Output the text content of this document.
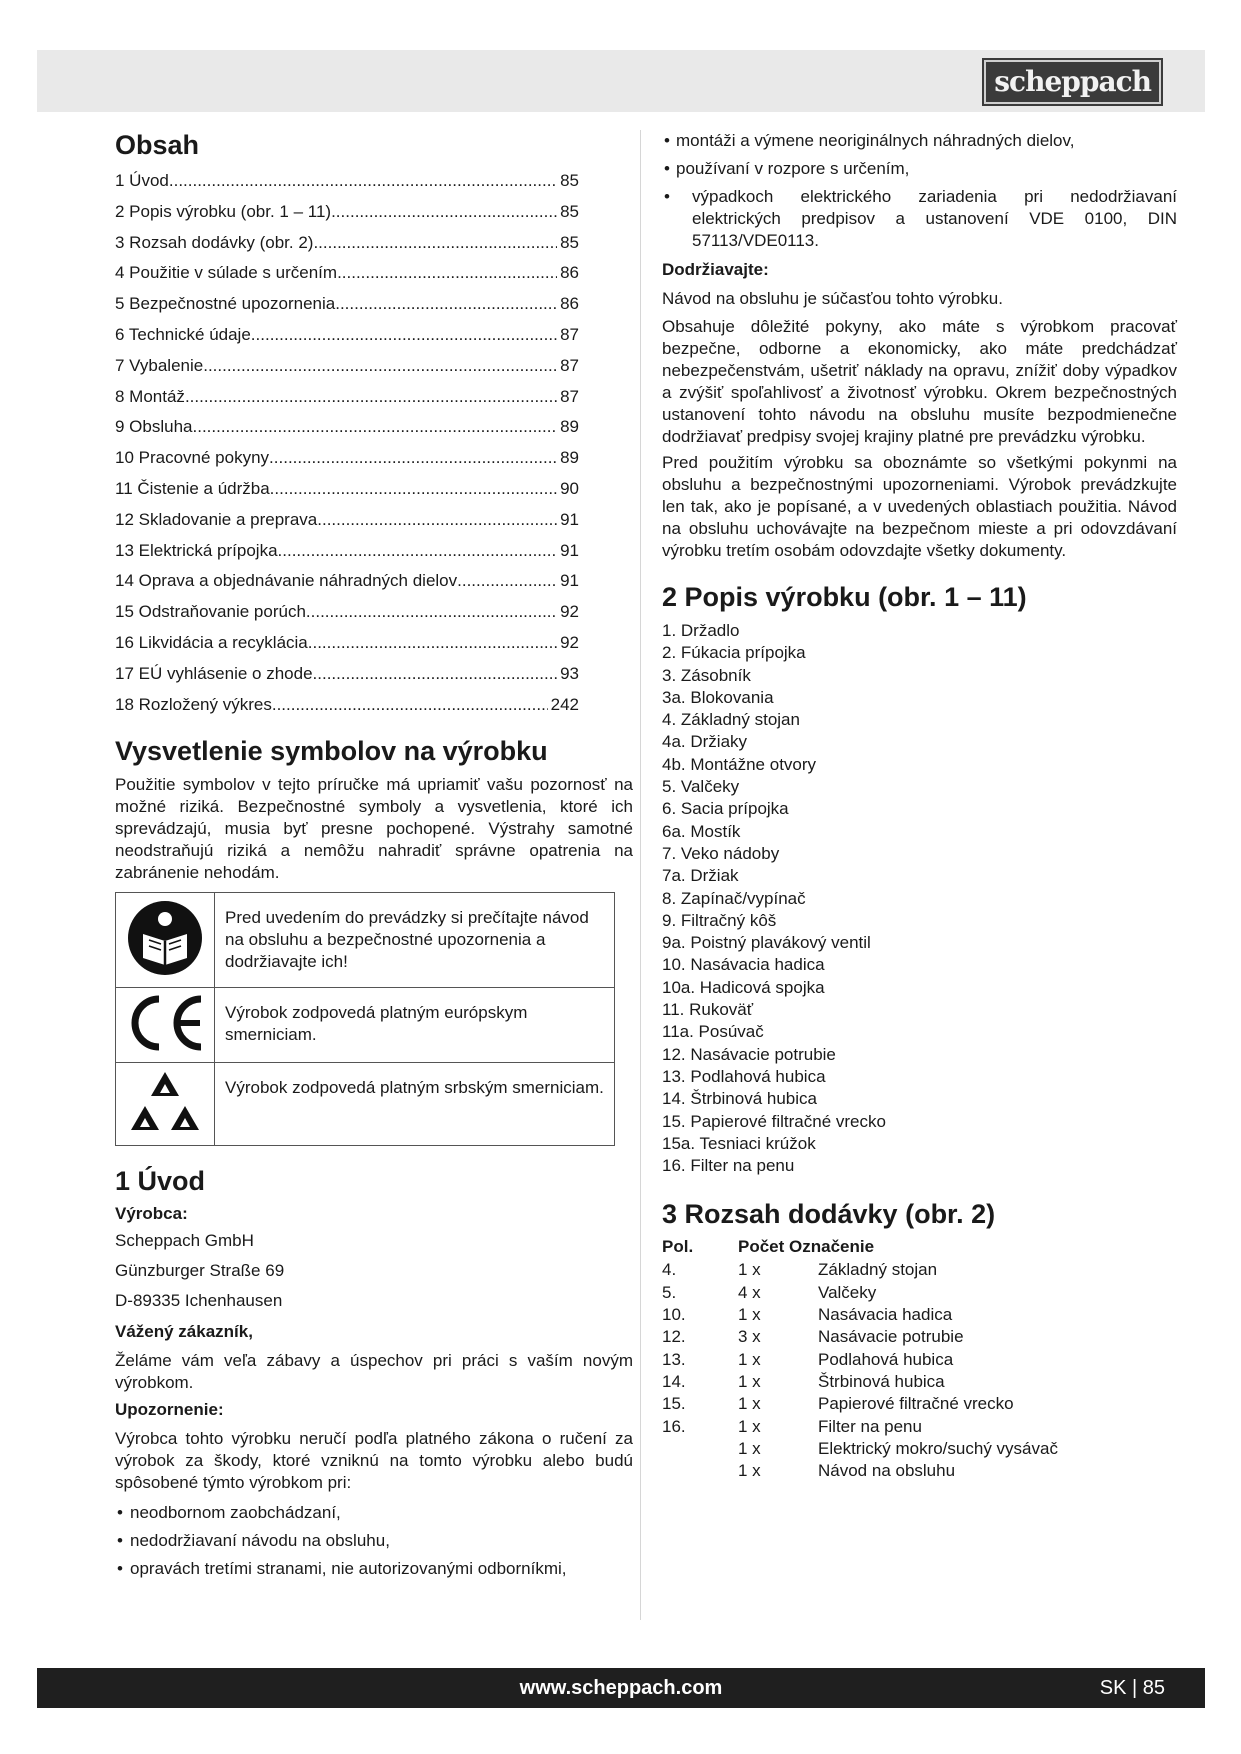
scheppach
Obsah
1 Úvod .....	85
2 Popis výrobku (obr. 1 – 11) .....	85
3 Rozsah dodávky (obr. 2) .....	85
4 Použitie v súlade s určením .....	86
5 Bezpečnostné upozornenia .....	86
6 Technické údaje .....	87
7 Vybalenie .....	87
8 Montáž .....	87
9 Obsluha .....	89
10 Pracovné pokyny .....	89
11 Čistenie a údržba .....	90
12 Skladovanie a preprava .....	91
13 Elektrická prípojka .....	91
14 Oprava a objednávanie náhradných dielov .....	91
15 Odstraňovanie porúch .....	92
16 Likvidácia a recyklácia .....	92
17 EÚ vyhlásenie o zhode .....	93
18 Rozložený výkres .....	242
Vysvetlenie symbolov na výrobku

Použitie symbolov v tejto príručke má upriamiť vašu pozornosť na možné riziká. Bezpečnostné symboly a vysvetlenia, ktoré ich sprevádzajú, musia byť presne pochopené. Výstrahy samotné neodstraňujú riziká a nemôžu nahradiť správne opatrenia na zabránenie nehodám.

	Pred uvedením do prevádzky si prečítajte návod na obsluhu a bezpečnostné upozornenia a dodržiavajte ich!
	Výrobok zodpovedá platným európskym smerniciam.
	Výrobok zodpovedá platným srbským smerniciam.
1 Úvod

Výrobca:

Scheppach GmbH

Günzburger Straße 69

D-89335 Ichenhausen

Vážený zákazník,

Želáme vám veľa zábavy a úspechov pri práci s vaším novým výrobkom.

Upozornenie:

Výrobca tohto výrobku neručí podľa platného zákona o ručení za výrobok za škody, ktoré vzniknú na tomto výrobku alebo budú spôsobené týmto výrobkom pri:

• neodbornom zaobchádzaní,
• nedodržiavaní návodu na obsluhu,
• opravách tretími stranami, nie autorizovanými odborníkmi,
• montáži a výmene neoriginálnych náhradných dielov,
• používaní v rozpore s určením,
• výpadkoch elektrického zariadenia pri nedodržiavaní elektrických predpisov a ustanovení VDE 0100, DIN 57113/VDE0113.

Dodržiavajte:

Návod na obsluhu je súčasťou tohto výrobku.

Obsahuje dôležité pokyny, ako máte s výrobkom pracovať bezpečne, odborne a ekonomicky, ako máte predchádzať nebezpečenstvám, ušetriť náklady na opravu, znížiť doby výpadkov a zvýšiť spoľahlivosť a životnosť výrobku. Okrem bezpečnostných ustanovení tohto návodu na obsluhu musíte bezpodmienečne dodržiavať predpisy svojej krajiny platné pre prevádzku výrobku.

Pred použitím výrobku sa oboznámte so všetkými pokynmi na obsluhu a bezpečnostnými upozorneniami. Výrobok prevádzkujte len tak, ako je popísané, a v uvedených oblastiach použitia. Návod na obsluhu uchovávajte na bezpečnom mieste a pri odovzdávaní výrobku tretím osobám odovzdajte všetky dokumenty.

2 Popis výrobku (obr. 1 – 11)
1. Držadlo
2. Fúkacia prípojka
3. Zásobník
3a. Blokovania
4. Základný stojan
4a. Držiaky
4b. Montážne otvory
5. Valčeky
6. Sacia prípojka
6a. Mostík
7. Veko nádoby
7a. Držiak
8. Zapínač/vypínač
9. Filtračný kôš
9a. Poistný plavákový ventil
10. Nasávacia hadica
10a. Hadicová spojka
11. Rukoväť
11a. Posúvač
12. Nasávacie potrubie
13. Podlahová hubica
14. Štrbinová hubica
15. Papierové filtračné vrecko
15a. Tesniaci krúžok
16. Filter na penu
3 Rozsah dodávky (obr. 2)
Pol.	Počet Označenie	
4.	1 x	Základný stojan
5.	4 x	Valčeky
10.	1 x	Nasávacia hadica
12.	3 x	Nasávacie potrubie
13.	1 x	Podlahová hubica
14.	1 x	Štrbinová hubica
15.	1 x	Papierové filtračné vrecko
16.	1 x	Filter na penu
	1 x	Elektrický mokro/suchý vysávač
	1 x	Návod na obsluhu
www.scheppach.com	SK | 85
